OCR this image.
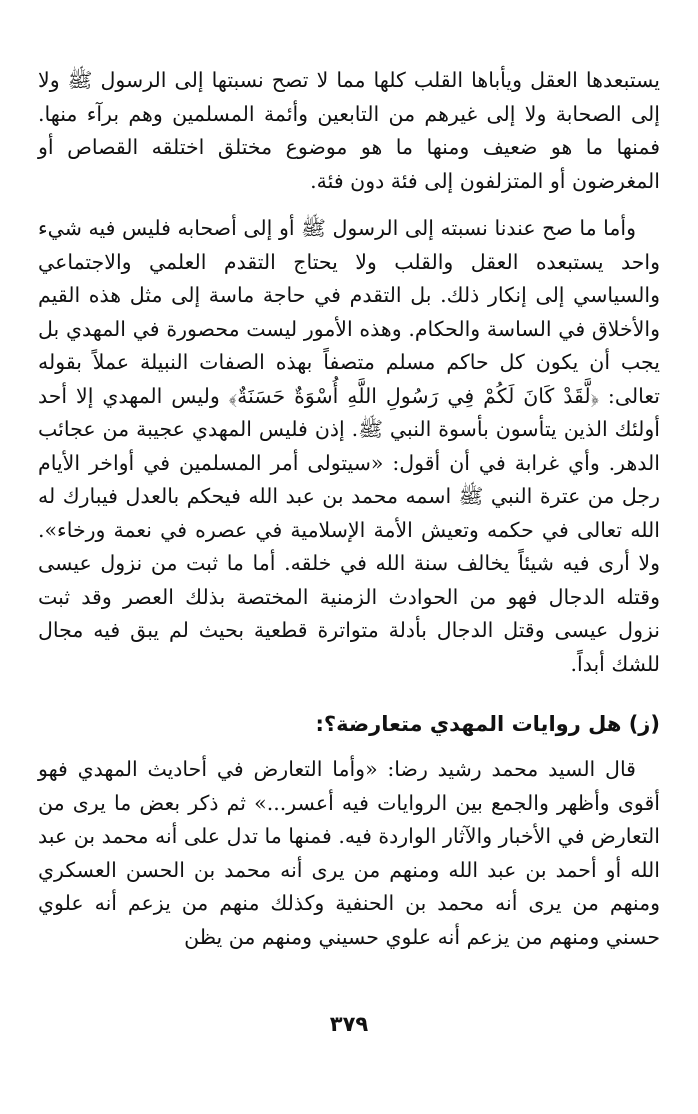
يستبعدها العقل ويأباها القلب كلها مما لا تصح نسبتها إلى الرسول ﷺ ولا إلى الصحابة ولا إلى غيرهم من التابعين وأئمة المسلمين وهم برآء منها. فمنها ما هو ضعيف ومنها ما هو موضوع مختلق اختلقه القصاص أو المغرضون أو المتزلفون إلى فئة دون فئة.

وأما ما صح عندنا نسبته إلى الرسول ﷺ أو إلى أصحابه فليس فيه شيء واحد يستبعده العقل والقلب ولا يحتاج التقدم العلمي والاجتماعي والسياسي إلى إنكار ذلك. بل التقدم في حاجة ماسة إلى مثل هذه القيم والأخلاق في الساسة والحكام. وهذه الأمور ليست محصورة في المهدي بل يجب أن يكون كل حاكم مسلم متصفاً بهذه الصفات النبيلة عملاً بقوله تعالى: ﴿لَّقَدْ كَانَ لَكُمْ فِي رَسُولِ اللَّهِ أُسْوَةٌ حَسَنَةٌ﴾ وليس المهدي إلا أحد أولئك الذين يتأسون بأسوة النبي ﷺ. إذن فليس المهدي عجيبة من عجائب الدهر. وأي غرابة في أن أقول: «سيتولى أمر المسلمين في أواخر الأيام رجل من عترة النبي ﷺ اسمه محمد بن عبد الله فيحكم بالعدل فيبارك له الله تعالى في حكمه وتعيش الأمة الإسلامية في عصره في نعمة ورخاء». ولا أرى فيه شيئاً يخالف سنة الله في خلقه. أما ما ثبت من نزول عيسى وقتله الدجال فهو من الحوادث الزمنية المختصة بذلك العصر وقد ثبت نزول عيسى وقتل الدجال بأدلة متواترة قطعية بحيث لم يبق فيه مجال للشك أبداً.

(ز) هل روايات المهدي متعارضة؟:

قال السيد محمد رشيد رضا: «وأما التعارض في أحاديث المهدي فهو أقوى وأظهر والجمع بين الروايات فيه أعسر...» ثم ذكر بعض ما يرى من التعارض في الأخبار والآثار الواردة فيه. فمنها ما تدل على أنه محمد بن عبد الله أو أحمد بن عبد الله ومنهم من يرى أنه محمد بن الحسن العسكري ومنهم من يرى أنه محمد بن الحنفية وكذلك منهم من يزعم أنه علوي حسني ومنهم من يزعم أنه علوي حسيني ومنهم من يظن

٣٧٩
